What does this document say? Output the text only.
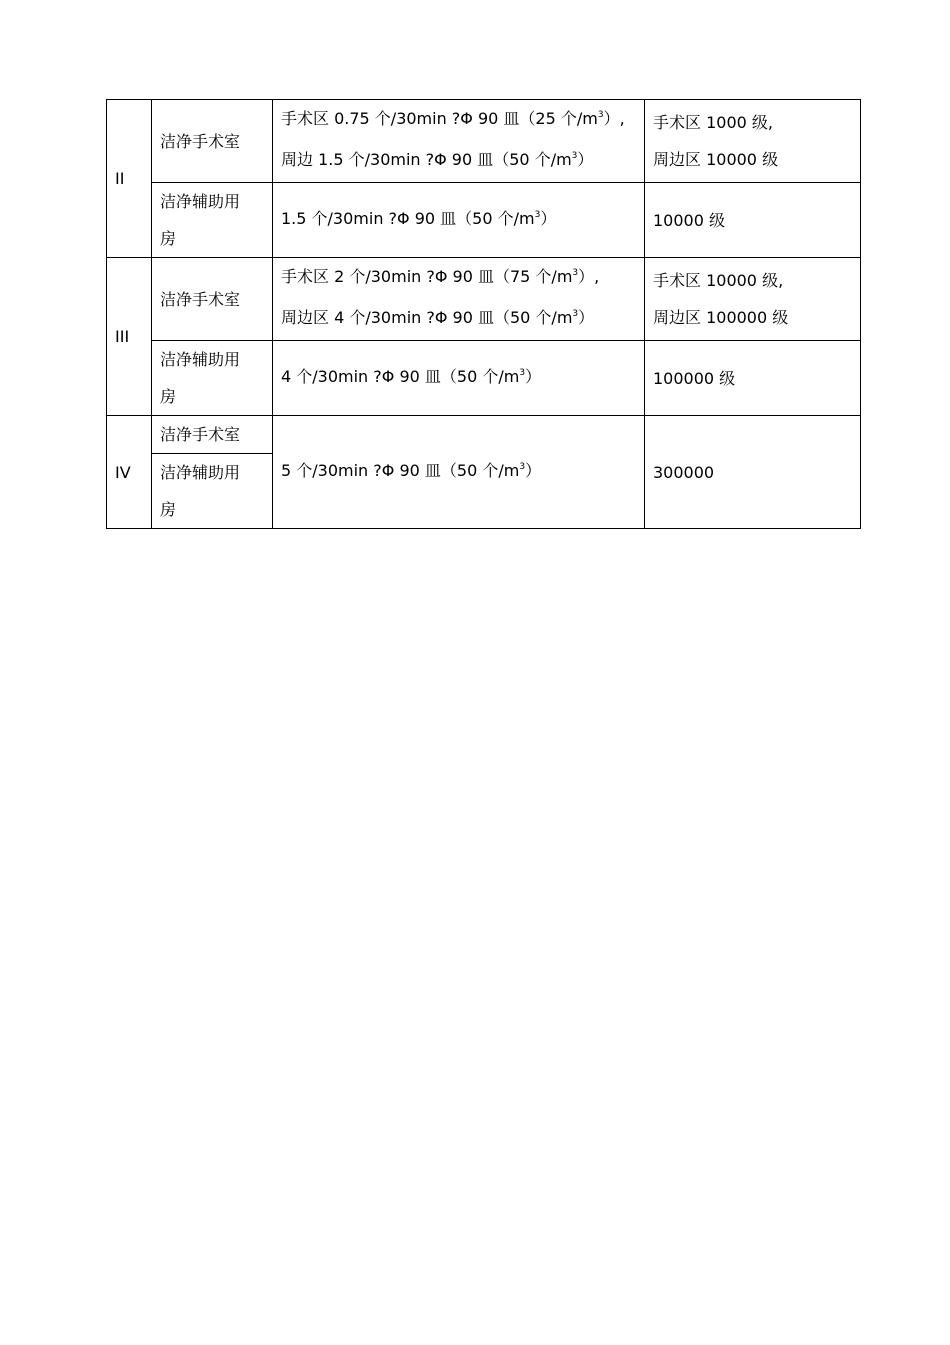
II	洁净手术室	手术区 0.75 个/30min ?Φ 90 皿（25 个$/m^3$）,
周边 1.5 个/30min ?Φ 90 皿（50 个$/m^3$）	手术区 1000 级,
周边区 10000 级

	洁净辅助用
房	1.5 个/30min ?Φ 90 皿（50 个$/m^3$）	10000 级

III	洁净手术室	手术区 2 个/30min ?Φ 90 皿（75 个$/m^3$）,
周边区 4 个/30min ?Φ 90 皿（50 个$/m^3$）	手术区 10000 级,
周边区 100000 级

	洁净辅助用
房	4 个/30min ?Φ 90 皿（50 个$/m^3$）	100000 级

IV	洁净手术室	5 个/30min ?Φ 90 皿（50 个$/m^3$）	300000

	洁净辅助用
房		
